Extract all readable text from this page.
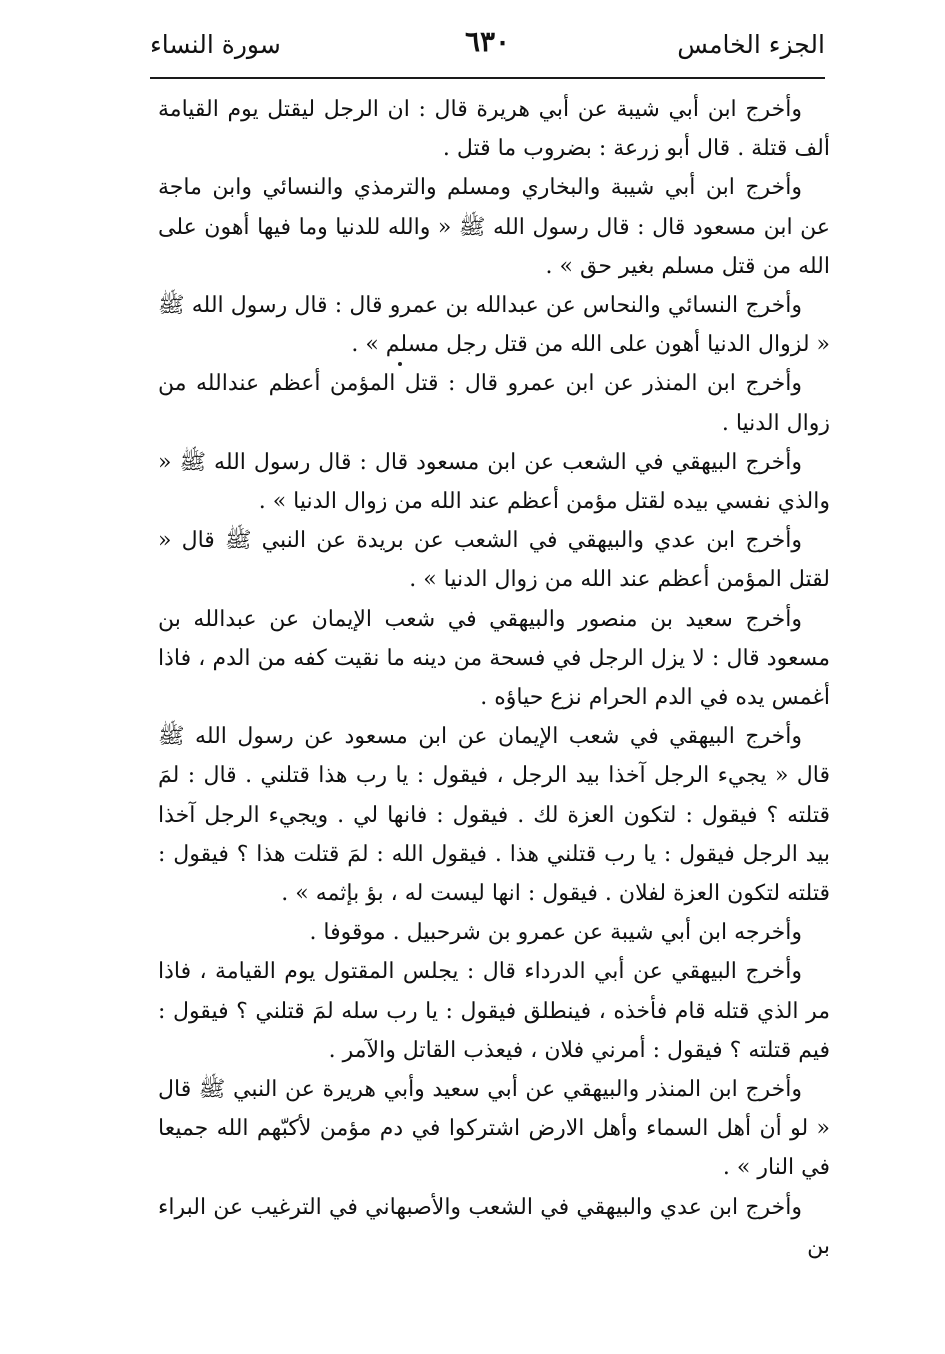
الجزء الخامس
٦٣٠
سورة النساء

وأخرج ابن أبي شيبة عن أبي هريرة قال : ان الرجل ليقتل يوم القيامة ألف قتلة . قال أبو زرعة : بضروب ما قتل .

وأخرج ابن أبي شيبة والبخاري ومسلم والترمذي والنسائي وابن ماجة عن ابن مسعود قال : قال رسول الله ﷺ « والله للدنيا وما فيها أهون على الله من قتل مسلم بغير حق » .

وأخرج النسائي والنحاس عن عبدالله بن عمرو قال : قال رسول الله ﷺ « لزوال الدنيا أهون على الله من قتل رجل مسلم » .

وأخرج ابن المنذر عن ابن عمرو قال : قتل المؤمن أعظم عندالله من زوال الدنيا .

وأخرج البيهقي في الشعب عن ابن مسعود قال : قال رسول الله ﷺ « والذي نفسي بيده لقتل مؤمن أعظم عند الله من زوال الدنيا » .

وأخرج ابن عدي والبيهقي في الشعب عن بريدة عن النبي ﷺ قال « لقتل المؤمن أعظم عند الله من زوال الدنيا » .

وأخرج سعيد بن منصور والبيهقي في شعب الإيمان عن عبدالله بن مسعود قال : لا يزل الرجل في فسحة من دينه ما نقيت كفه من الدم ، فاذا أغمس يده في الدم الحرام نزع حياؤه .

وأخرج البيهقي في شعب الإيمان عن ابن مسعود عن رسول الله ﷺ قال « يجيء الرجل آخذا بيد الرجل ، فيقول : يا رب هذا قتلني . قال : لمَ قتلته ؟ فيقول : لتكون العزة لك . فيقول : فانها لي . ويجيء الرجل آخذا بيد الرجل فيقول : يا رب قتلني هذا . فيقول الله : لمَ قتلت هذا ؟ فيقول : قتلته لتكون العزة لفلان . فيقول : انها ليست له ، بؤ بإثمه » .

وأخرجه ابن أبي شيبة عن عمرو بن شرحبيل . موقوفا .

وأخرج البيهقي عن أبي الدرداء قال : يجلس المقتول يوم القيامة ، فاذا مر الذي قتله قام فأخذه ، فينطلق فيقول : يا رب سله لمَ قتلني ؟ فيقول : فيم قتلته ؟ فيقول : أمرني فلان ، فيعذب القاتل والآمر .

وأخرج ابن المنذر والبيهقي عن أبي سعيد وأبي هريرة عن النبي ﷺ قال « لو أن أهل السماء وأهل الارض اشتركوا في دم مؤمن لأكبّهم الله جميعا في النار » .

وأخرج ابن عدي والبيهقي في الشعب والأصبهاني في الترغيب عن البراء بن
